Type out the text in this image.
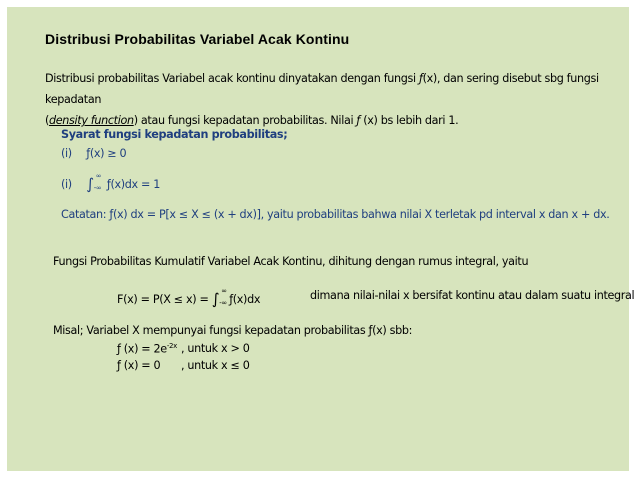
Distribusi Probabilitas Variabel Acak Kontinu
Distribusi probabilitas Variabel acak kontinu dinyatakan dengan fungsi ƒ(x), dan sering disebut sbg fungsi kepadatan
(density function) atau fungsi kepadatan probabilitas. Nilai ƒ (x) bs lebih dari 1.
Syarat fungsi kepadatan probabilitas;
(i) ƒ(x) ≥ 0
(i) ∫ ∞
-∞ ƒ(x)dx = 1
Catatan: ƒ(x) dx = P[x ≤ X ≤ (x + dx)], yaitu probabilitas bahwa nilai X terletak pd interval x dan x + dx.
Fungsi Probabilitas Kumulatif Variabel Acak Kontinu, dihitung dengan rumus integral, yaitu
F(x) = P(X ≤ x) = ∫ ∞
-∞ ƒ(x)dx	dimana nilai-nilai x bersifat kontinu atau dalam suatu integral
Misal; Variabel X mempunyai fungsi kepadatan probabilitas ƒ(x) sbb:
ƒ $(x) = 2e^{-2x}$ , untuk x > 0
ƒ (x) = 0 , untuk x ≤ 0
